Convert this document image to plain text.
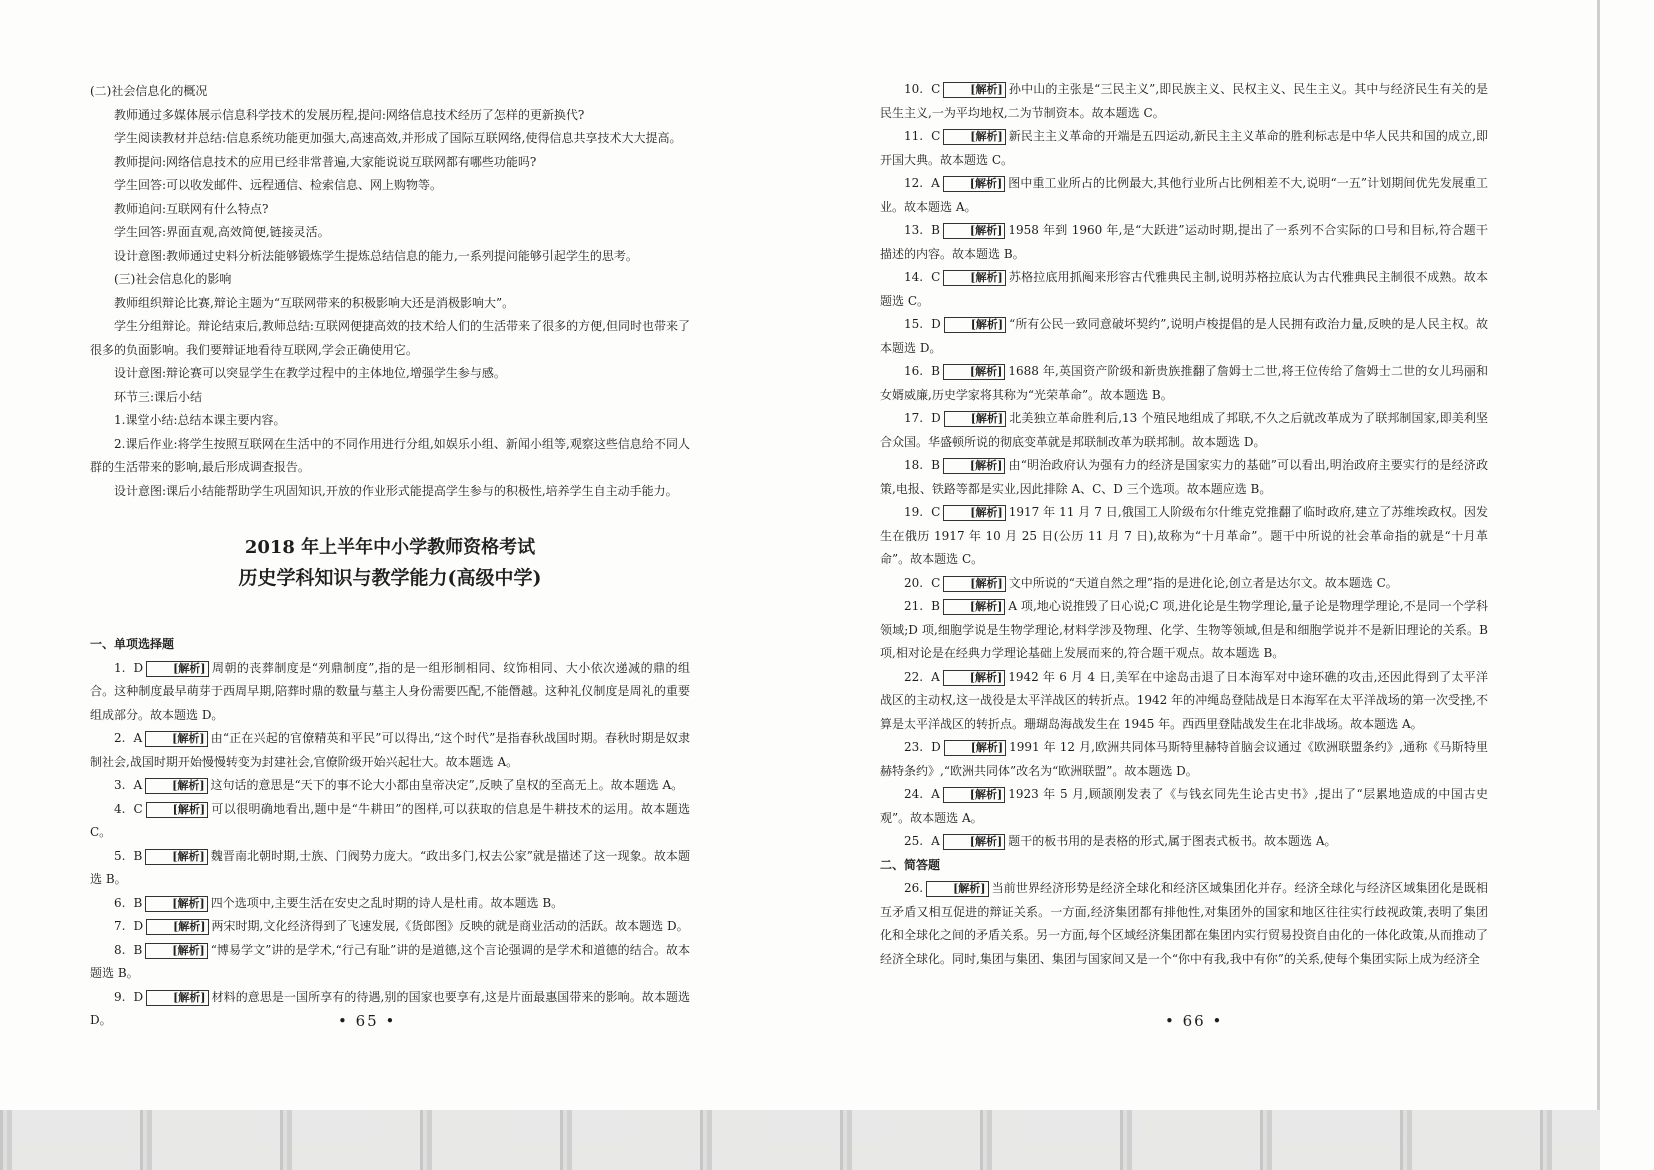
(二)社会信息化的概况

教师通过多媒体展示信息科学技术的发展历程,提问:网络信息技术经历了怎样的更新换代?

学生阅读教材并总结:信息系统功能更加强大,高速高效,并形成了国际互联网络,使得信息共享技术大大提高。

教师提问:网络信息技术的应用已经非常普遍,大家能说说互联网都有哪些功能吗?

学生回答:可以收发邮件、远程通信、检索信息、网上购物等。

教师追问:互联网有什么特点?

学生回答:界面直观,高效简便,链接灵活。

设计意图:教师通过史料分析法能够锻炼学生提炼总结信息的能力,一系列提问能够引起学生的思考。

(三)社会信息化的影响

教师组织辩论比赛,辩论主题为“互联网带来的积极影响大还是消极影响大”。

学生分组辩论。辩论结束后,教师总结:互联网便捷高效的技术给人们的生活带来了很多的方便,但同时也带来了很多的负面影响。我们要辩证地看待互联网,学会正确使用它。

设计意图:辩论赛可以突显学生在教学过程中的主体地位,增强学生参与感。

环节三:课后小结

1.课堂小结:总结本课主要内容。

2.课后作业:将学生按照互联网在生活中的不同作用进行分组,如娱乐小组、新闻小组等,观察这些信息给不同人群的生活带来的影响,最后形成调查报告。

设计意图:课后小结能帮助学生巩固知识,开放的作业形式能提高学生参与的积极性,培养学生自主动手能力。

2018 年上半年中小学教师资格考试
历史学科知识与教学能力(高级中学)

一、单项选择题

1. D	[解析] 周朝的丧葬制度是“列鼎制度”,指的是一组形制相同、纹饰相同、大小依次递减的鼎的组合。这种制度最早萌芽于西周早期,陪葬时鼎的数量与墓主人身份需要匹配,不能僭越。这种礼仪制度是周礼的重要组成部分。故本题选 D。

2. A	[解析] 由“正在兴起的官僚精英和平民”可以得出,“这个时代”是指春秋战国时期。春秋时期是奴隶制社会,战国时期开始慢慢转变为封建社会,官僚阶级开始兴起壮大。故本题选 A。

3. A	[解析] 这句话的意思是“天下的事不论大小都由皇帝决定”,反映了皇权的至高无上。故本题选 A。

4. C	[解析] 可以很明确地看出,题中是“牛耕田”的图样,可以获取的信息是牛耕技术的运用。故本题选 C。

5. B	[解析] 魏晋南北朝时期,士族、门阀势力庞大。“政出多门,权去公家”就是描述了这一现象。故本题选 B。

6. B	[解析] 四个选项中,主要生活在安史之乱时期的诗人是杜甫。故本题选 B。

7. D	[解析] 两宋时期,文化经济得到了飞速发展,《货郎图》反映的就是商业活动的活跃。故本题选 D。

8. B	[解析] “博易学文”讲的是学术,“行己有耻”讲的是道德,这个言论强调的是学术和道德的结合。故本题选 B。

9. D	[解析] 材料的意思是一国所享有的待遇,别的国家也要享有,这是片面最惠国带来的影响。故本题选 D。	• 65 •

10. C	[解析] 孙中山的主张是“三民主义”,即民族主义、民权主义、民生主义。其中与经济民生有关的是民生主义,一为平均地权,二为节制资本。故本题选 C。

11. C	[解析] 新民主主义革命的开端是五四运动,新民主主义革命的胜利标志是中华人民共和国的成立,即开国大典。故本题选 C。

12. A	[解析] 图中重工业所占的比例最大,其他行业所占比例相差不大,说明“一五”计划期间优先发展重工业。故本题选 A。

13. B	[解析] 1958 年到 1960 年,是“大跃进”运动时期,提出了一系列不合实际的口号和目标,符合题干描述的内容。故本题选 B。

14. C	[解析] 苏格拉底用抓阄来形容古代雅典民主制,说明苏格拉底认为古代雅典民主制很不成熟。故本题选 C。

15. D	[解析] “所有公民一致同意破坏契约”,说明卢梭提倡的是人民拥有政治力量,反映的是人民主权。故本题选 D。

16. B	[解析] 1688 年,英国资产阶级和新贵族推翻了詹姆士二世,将王位传给了詹姆士二世的女儿玛丽和女婿威廉,历史学家将其称为“光荣革命”。故本题选 B。

17. D	[解析] 北美独立革命胜利后,13 个殖民地组成了邦联,不久之后就改革成为了联邦制国家,即美利坚合众国。华盛顿所说的彻底变革就是邦联制改革为联邦制。故本题选 D。

18. B	[解析] 由“明治政府认为强有力的经济是国家实力的基础”可以看出,明治政府主要实行的是经济政策,电报、铁路等都是实业,因此排除 A、C、D 三个选项。故本题应选 B。

19. C	[解析] 1917 年 11 月 7 日,俄国工人阶级布尔什维克党推翻了临时政府,建立了苏维埃政权。因发生在俄历 1917 年 10 月 25 日(公历 11 月 7 日),故称为“十月革命”。题干中所说的社会革命指的就是“十月革命”。故本题选 C。

20. C	[解析] 文中所说的“天道自然之理”指的是进化论,创立者是达尔文。故本题选 C。

21. B	[解析] A 项,地心说推毁了日心说;C 项,进化论是生物学理论,量子论是物理学理论,不是同一个学科领域;D 项,细胞学说是生物学理论,材料学涉及物理、化学、生物等领域,但是和细胞学说并不是新旧理论的关系。B 项,相对论是在经典力学理论基础上发展而来的,符合题干观点。故本题选 B。

22. A	[解析] 1942 年 6 月 4 日,美军在中途岛击退了日本海军对中途环礁的攻击,还因此得到了太平洋战区的主动权,这一战役是太平洋战区的转折点。1942 年的冲绳岛登陆战是日本海军在太平洋战场的第一次受挫,不算是太平洋战区的转折点。珊瑚岛海战发生在 1945 年。西西里登陆战发生在北非战场。故本题选 A。

23. D	[解析] 1991 年 12 月,欧洲共同体马斯特里赫特首脑会议通过《欧洲联盟条约》,通称《马斯特里赫特条约》,“欧洲共同体”改名为“欧洲联盟”。故本题选 D。

24. A	[解析] 1923 年 5 月,顾颉刚发表了《与钱玄同先生论古史书》,提出了“层累地造成的中国古史观”。故本题选 A。

25. A	[解析] 题干的板书用的是表格的形式,属于图表式板书。故本题选 A。

二、简答题

26.	[解析] 当前世界经济形势是经济全球化和经济区域集团化并存。经济全球化与经济区域集团化是既相互矛盾又相互促进的辩证关系。一方面,经济集团都有排他性,对集团外的国家和地区往往实行歧视政策,表明了集团化和全球化之间的矛盾关系。另一方面,每个区域经济集团都在集团内实行贸易投资自由化的一体化政策,从而推动了经济全球化。同时,集团与集团、集团与国家间又是一个“你中有我,我中有你”的关系,使每个集团实际上成为经济全

• 66 •
